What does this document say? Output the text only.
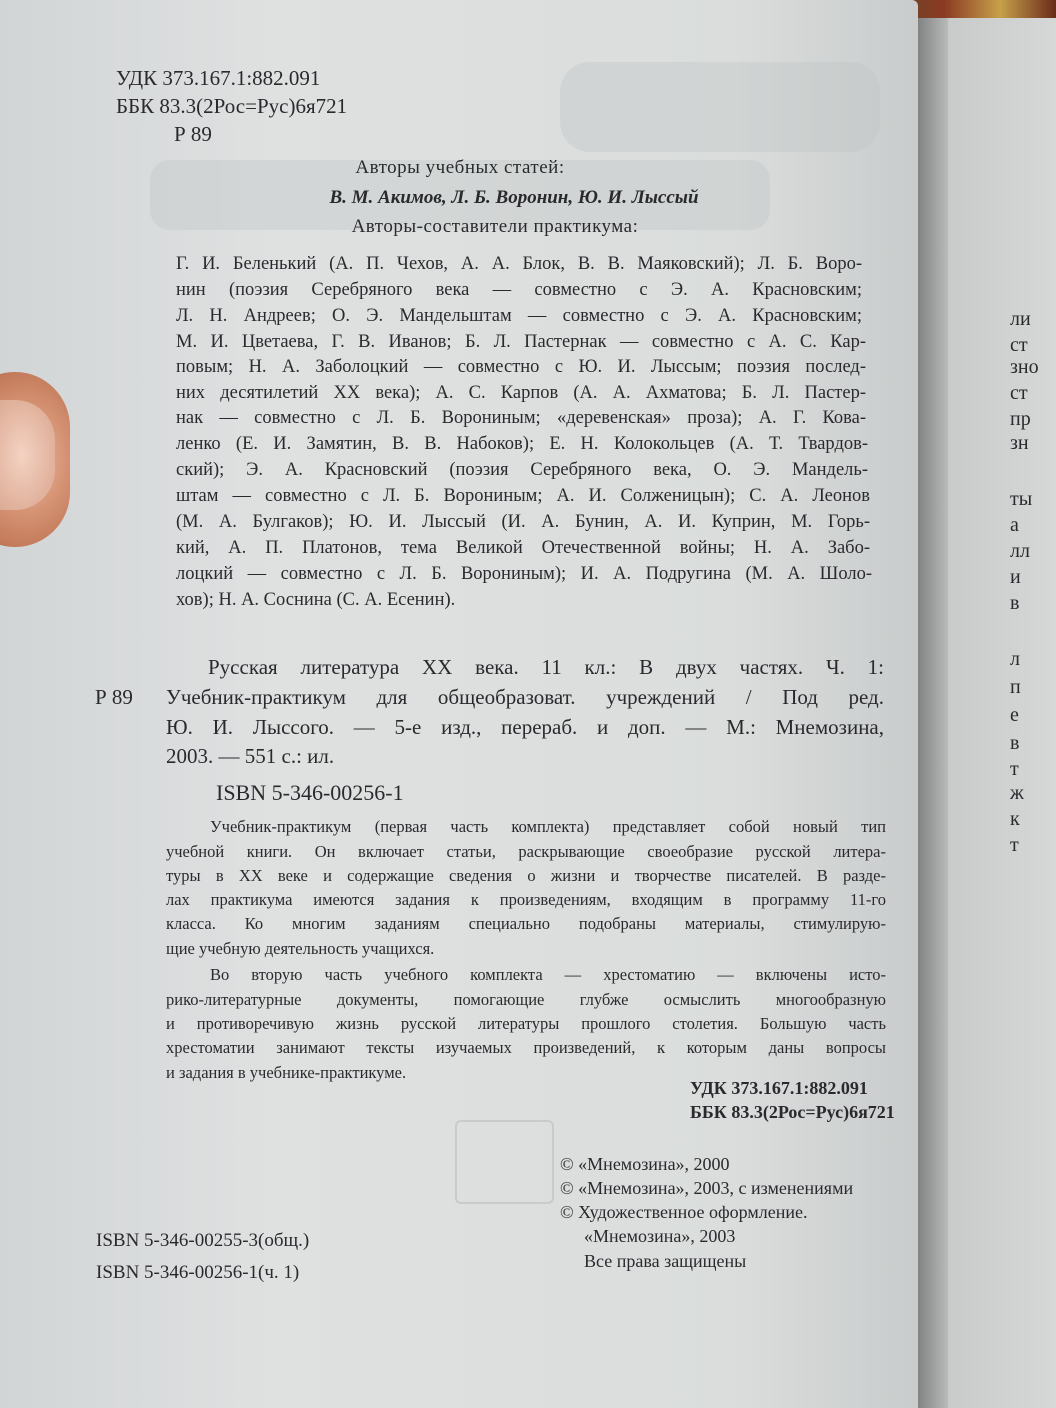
ли
ст
зно
ст
пр
зн
ты
а
лл
и
в
л
п
е
в
т
ж
к
т
УДК 373.167.1:882.091
ББК 83.3(2Рос=Рус)6я721
Р 89
Авторы учебных статей:
В. М. Акимов, Л. Б. Воронин, Ю. И. Лыссый
Авторы-составители практикума:
Г. И. Беленький (А. П. Чехов, А. А. Блок, В. В. Маяковский); Л. Б. Воро-
нин (поэзия Серебряного века — совместно с Э. А. Красновским;
Л. Н. Андреев; О. Э. Мандельштам — совместно с Э. А. Красновским;
М. И. Цветаева, Г. В. Иванов; Б. Л. Пастернак — совместно с А. С. Кар-
повым; Н. А. Заболоцкий — совместно с Ю. И. Лыссым; поэзия послед-
них десятилетий XX века); А. С. Карпов (А. А. Ахматова; Б. Л. Пастер-
нак — совместно с Л. Б. Ворониным; «деревенская» проза); А. Г. Кова-
ленко (Е. И. Замятин, В. В. Набоков); Е. Н. Колокольцев (А. Т. Твардов-
ский); Э. А. Красновский (поэзия Серебряного века, О. Э. Мандель-
штам — совместно с Л. Б. Ворониным; А. И. Солженицын); С. А. Леонов
(М. А. Булгаков); Ю. И. Лыссый (И. А. Бунин, А. И. Куприн, М. Горь-
кий, А. П. Платонов, тема Великой Отечественной войны; Н. А. Забо-
лоцкий — совместно с Л. Б. Ворониным); И. А. Подругина (М. А. Шоло-
хов); Н. А. Соснина (С. А. Есенин).
Р 89
Русская литература XX века. 11 кл.: В двух частях. Ч. 1:
Учебник-практикум для общеобразоват. учреждений / Под ред.
Ю. И. Лыссого. — 5-е изд., перераб. и доп. — М.: Мнемозина,
2003. — 551 с.: ил.
ISBN 5-346-00256-1
Учебник-практикум (первая часть комплекта) представляет собой новый тип
учебной книги. Он включает статьи, раскрывающие своеобразие русской литера-
туры в XX веке и содержащие сведения о жизни и творчестве писателей. В разде-
лах практикума имеются задания к произведениям, входящим в программу 11-го
класса. Ко многим заданиям специально подобраны материалы, стимулирую-
щие учебную деятельность учащихся.
Во вторую часть учебного комплекта — хрестоматию — включены исто-
рико-литературные документы, помогающие глубже осмыслить многообразную
и противоречивую жизнь русской литературы прошлого столетия. Большую часть
хрестоматии занимают тексты изучаемых произведений, к которым даны вопросы
и задания в учебнике-практикуме.
УДК 373.167.1:882.091
ББК 83.3(2Рос=Рус)6я721
© «Мнемозина», 2000
© «Мнемозина», 2003, с изменениями
© Художественное оформление.
«Мнемозина», 2003
Все права защищены
ISBN 5-346-00255-3(общ.)
ISBN 5-346-00256-1(ч. 1)
